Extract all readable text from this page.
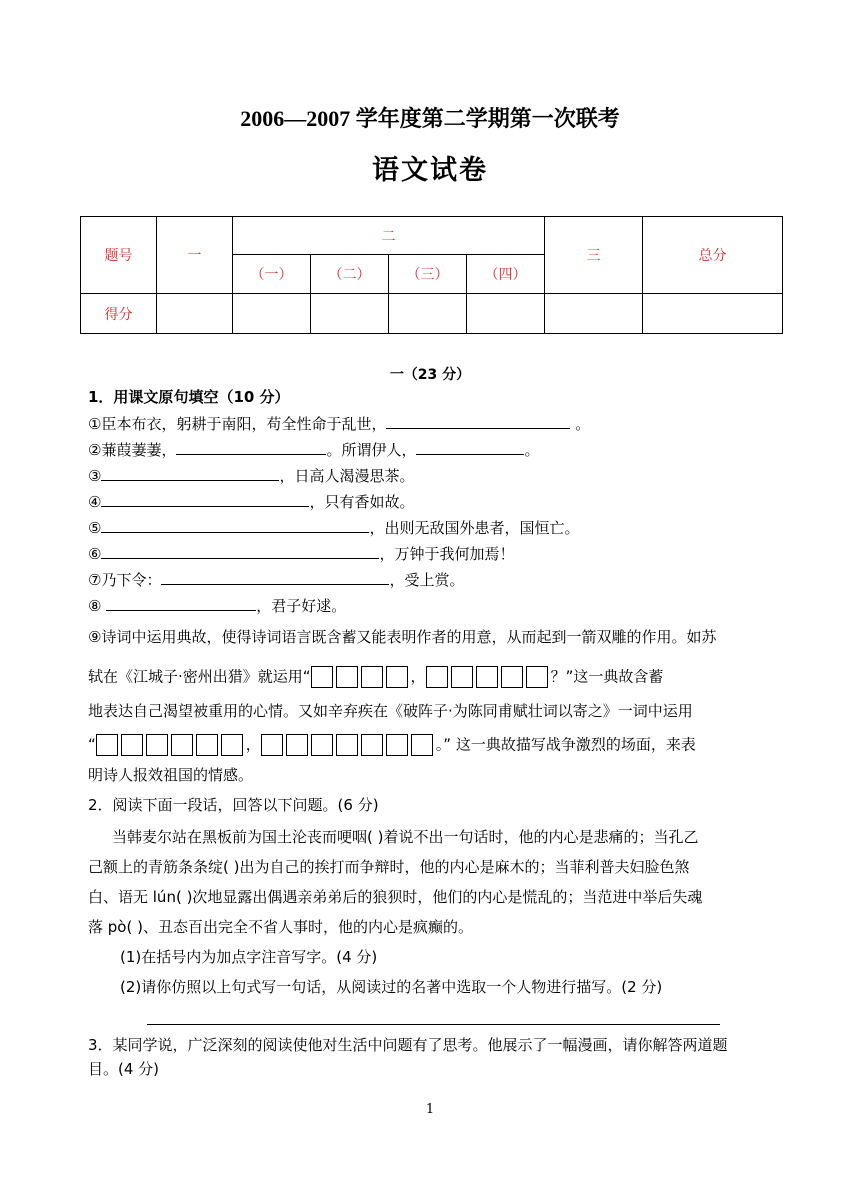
2006—2007 学年度第二学期第一次联考
语文试卷
题号	一	二				三	总分
		（一）	（二）	（三）	（四）		
得分							
一（23 分）
1．用课文原句填空（10 分）
①臣本布衣，躬耕于南阳，苟全性命于乱世，	。
②蒹葭萋萋，	。所谓伊人，	。
③	，日高人渴漫思茶。
④	，只有香如故。
⑤	，出则无敌国外患者，国恒亡。
⑥	，万钟于我何加焉！
⑦乃下令：	，受上赏。
⑧	，君子好逑。
⑨诗词中运用典故，使得诗词语言既含蓄又能表明作者的用意，从而起到一箭双雕的作用。如苏
轼在《江城子·密州出猎》就运用“	，	？”这一典故含蓄
地表达自己渴望被重用的心情。又如辛弃疾在《破阵子·为陈同甫赋壮词以寄之》一词中运用
“	，	。” 这一典故描写战争激烈的场面，来表
明诗人报效祖国的情感。
2．阅读下面一段话，回答以下问题。(6 分)
当韩麦尔站在黑板前为国土沦丧而哽咽( )着说不出一句话时，他的内心是悲痛的；当孔乙
己额上的青筋条条绽( )出为自己的挨打而争辩时，他的内心是麻木的；当菲利普夫妇脸色煞
白、语无 lún( )次地显露出偶遇亲弟弟后的狼狈时，他们的内心是慌乱的；当范进中举后失魂
落 pò( )、丑态百出完全不省人事时，他的内心是疯癫的。
(1)在括号内为加点字注音写字。(4 分)
(2)请你仿照以上句式写一句话，从阅读过的名著中选取一个人物进行描写。(2 分)
3．某同学说，广泛深刻的阅读使他对生活中问题有了思考。他展示了一幅漫画，请你解答两道题
目。(4 分)
1
